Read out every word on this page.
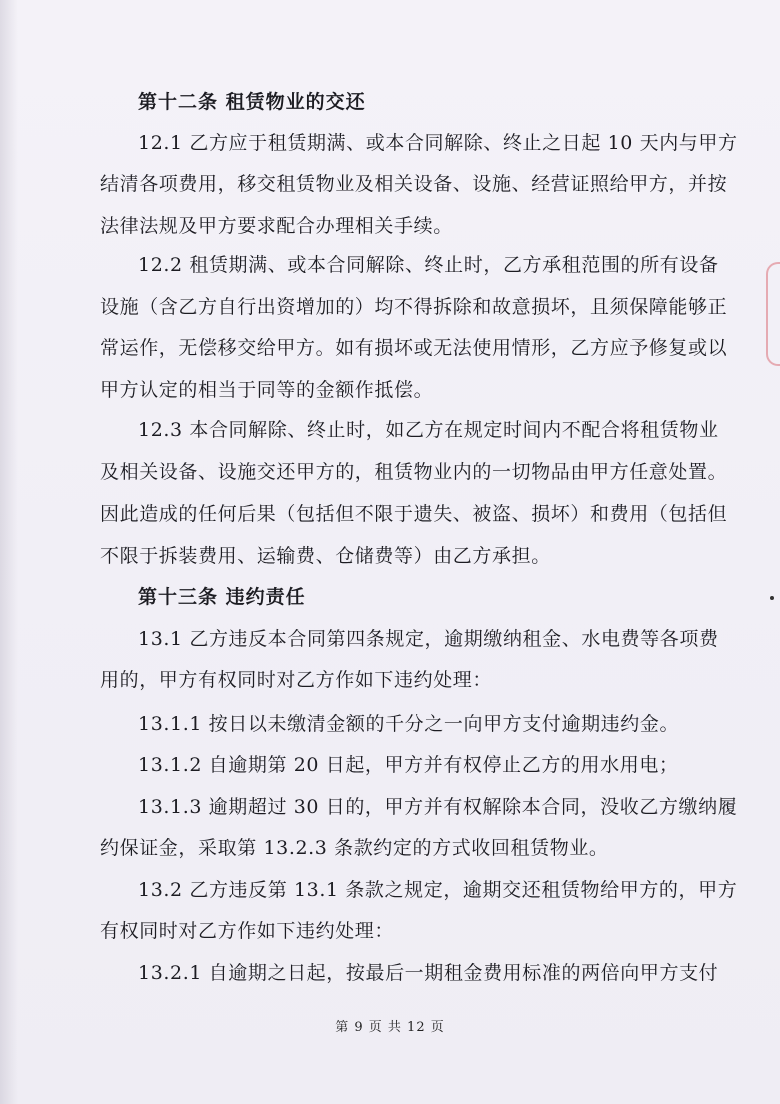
第十二条 租赁物业的交还
12.1 乙方应于租赁期满、或本合同解除、终止之日起 10 天内与甲方
结清各项费用，移交租赁物业及相关设备、设施、经营证照给甲方，并按
法律法规及甲方要求配合办理相关手续。
12.2 租赁期满、或本合同解除、终止时，乙方承租范围的所有设备
设施（含乙方自行出资增加的）均不得拆除和故意损坏，且须保障能够正
常运作，无偿移交给甲方。如有损坏或无法使用情形，乙方应予修复或以
甲方认定的相当于同等的金额作抵偿。
12.3 本合同解除、终止时，如乙方在规定时间内不配合将租赁物业
及相关设备、设施交还甲方的，租赁物业内的一切物品由甲方任意处置。
因此造成的任何后果（包括但不限于遗失、被盗、损坏）和费用（包括但
不限于拆装费用、运输费、仓储费等）由乙方承担。
第十三条 违约责任
13.1 乙方违反本合同第四条规定，逾期缴纳租金、水电费等各项费
用的，甲方有权同时对乙方作如下违约处理：
13.1.1 按日以未缴清金额的千分之一向甲方支付逾期违约金。
13.1.2 自逾期第 20 日起，甲方并有权停止乙方的用水用电；
13.1.3 逾期超过 30 日的，甲方并有权解除本合同，没收乙方缴纳履
约保证金，采取第 13.2.3 条款约定的方式收回租赁物业。
13.2 乙方违反第 13.1 条款之规定，逾期交还租赁物给甲方的，甲方
有权同时对乙方作如下违约处理：
13.2.1 自逾期之日起，按最后一期租金费用标准的两倍向甲方支付
第 9 页 共 12 页
